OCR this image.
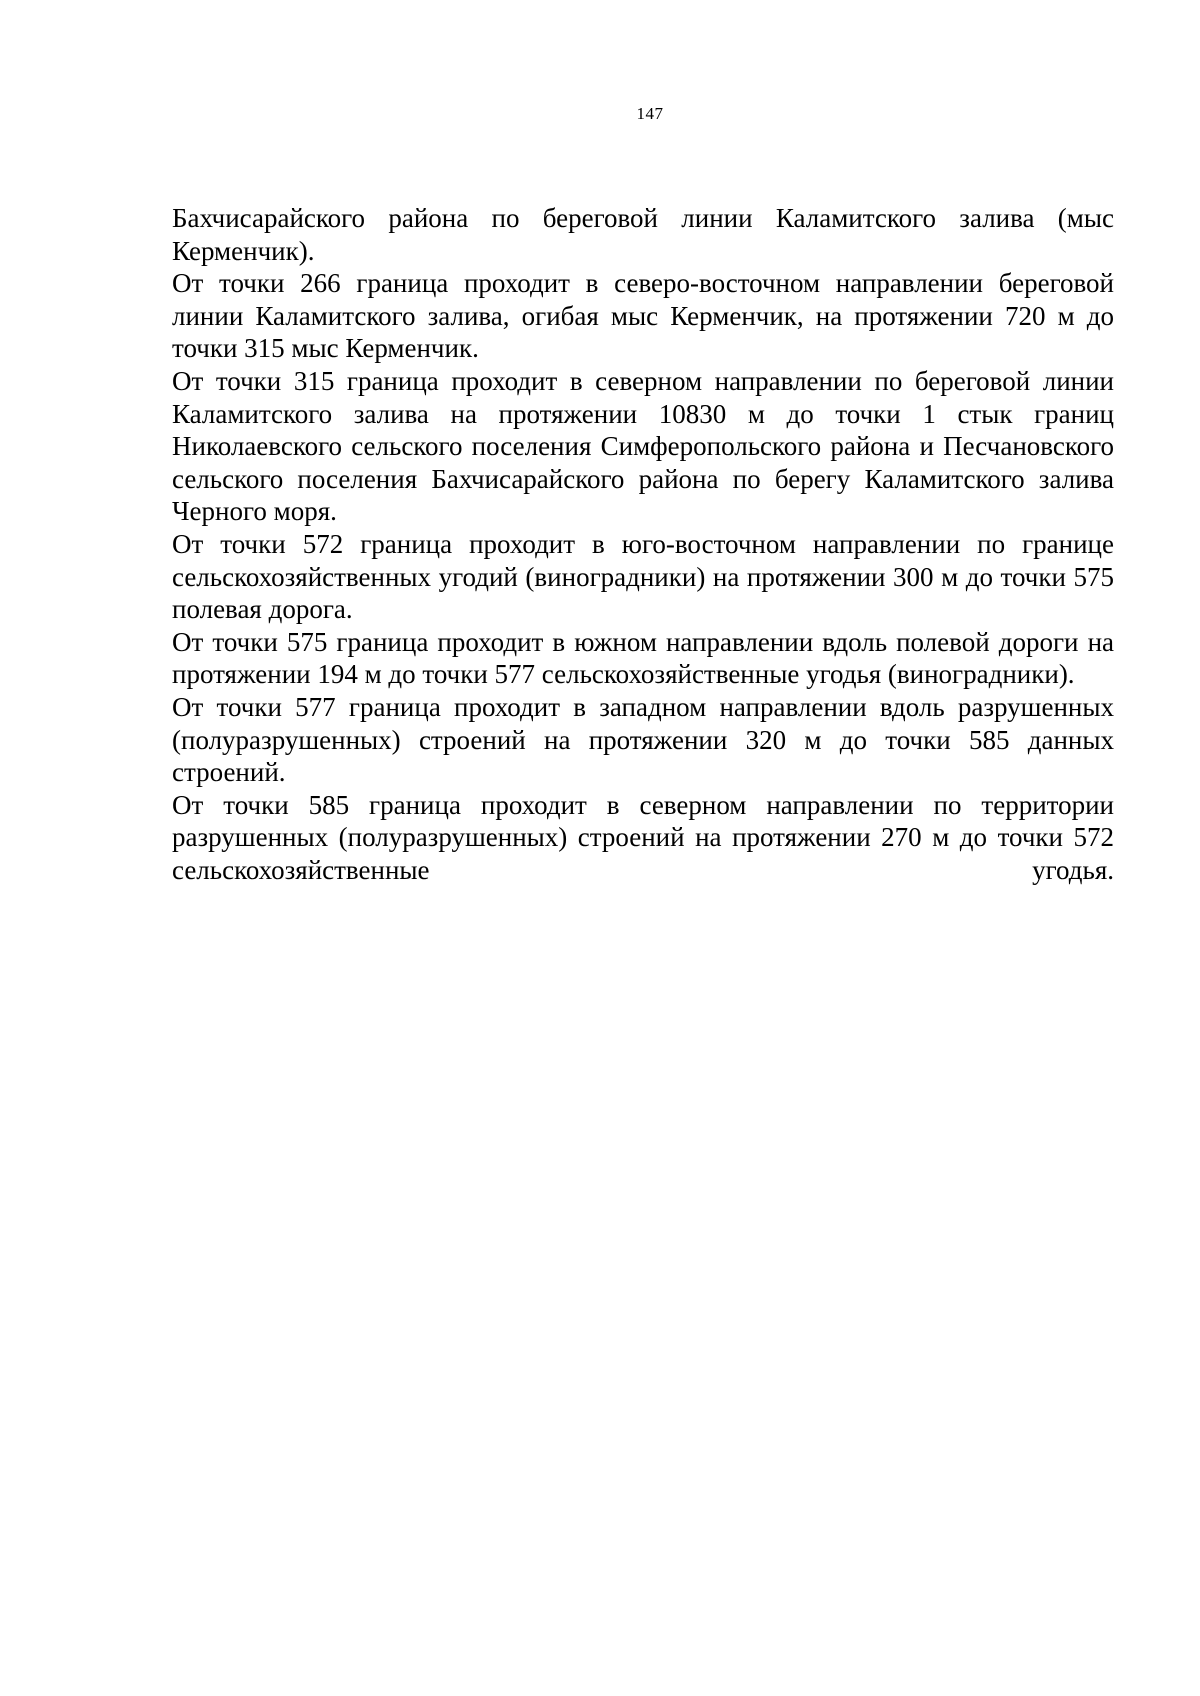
147

Бахчисарайского района по береговой линии Каламитского залива (мыс Керменчик).

От точки 266 граница проходит в северо-восточном направлении береговой линии Каламитского залива, огибая мыс Керменчик, на протяжении 720 м до точки 315 мыс Керменчик.

От точки 315 граница проходит в северном направлении по береговой линии Каламитского залива на протяжении 10830 м до точки 1 стык границ Николаевского сельского поселения Симферопольского района и Песчановского сельского поселения Бахчисарайского района по берегу Каламитского залива Черного моря.

От точки 572 граница проходит в юго-восточном направлении по границе сельскохозяйственных угодий (виноградники) на протяжении 300 м до точки 575 полевая дорога.

От точки 575 граница проходит в южном направлении вдоль полевой дороги на протяжении 194 м до точки 577 сельскохозяйственные угодья (виноградники).

От точки 577 граница проходит в западном направлении вдоль разрушенных (полуразрушенных) строений на протяжении 320 м до точки 585 данных строений.

От точки 585 граница проходит в северном направлении по территории разрушенных (полуразрушенных) строений на протяжении 270 м до точки 572 сельскохозяйственные угодья.
